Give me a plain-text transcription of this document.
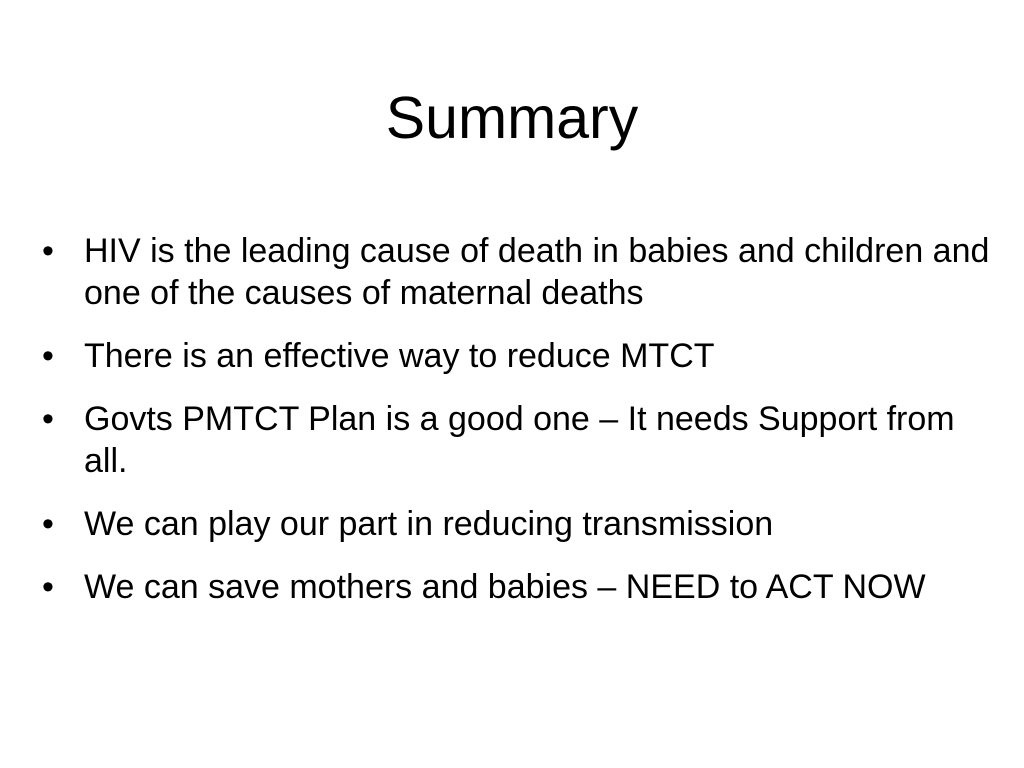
Summary
• HIV is the leading cause of death in babies and children and one of the causes of maternal deaths
• There is an effective way to reduce MTCT
• Govts PMTCT Plan is a good one – It needs Support from all.
• We can play our part in reducing transmission
• We can save mothers and babies – NEED to ACT NOW
